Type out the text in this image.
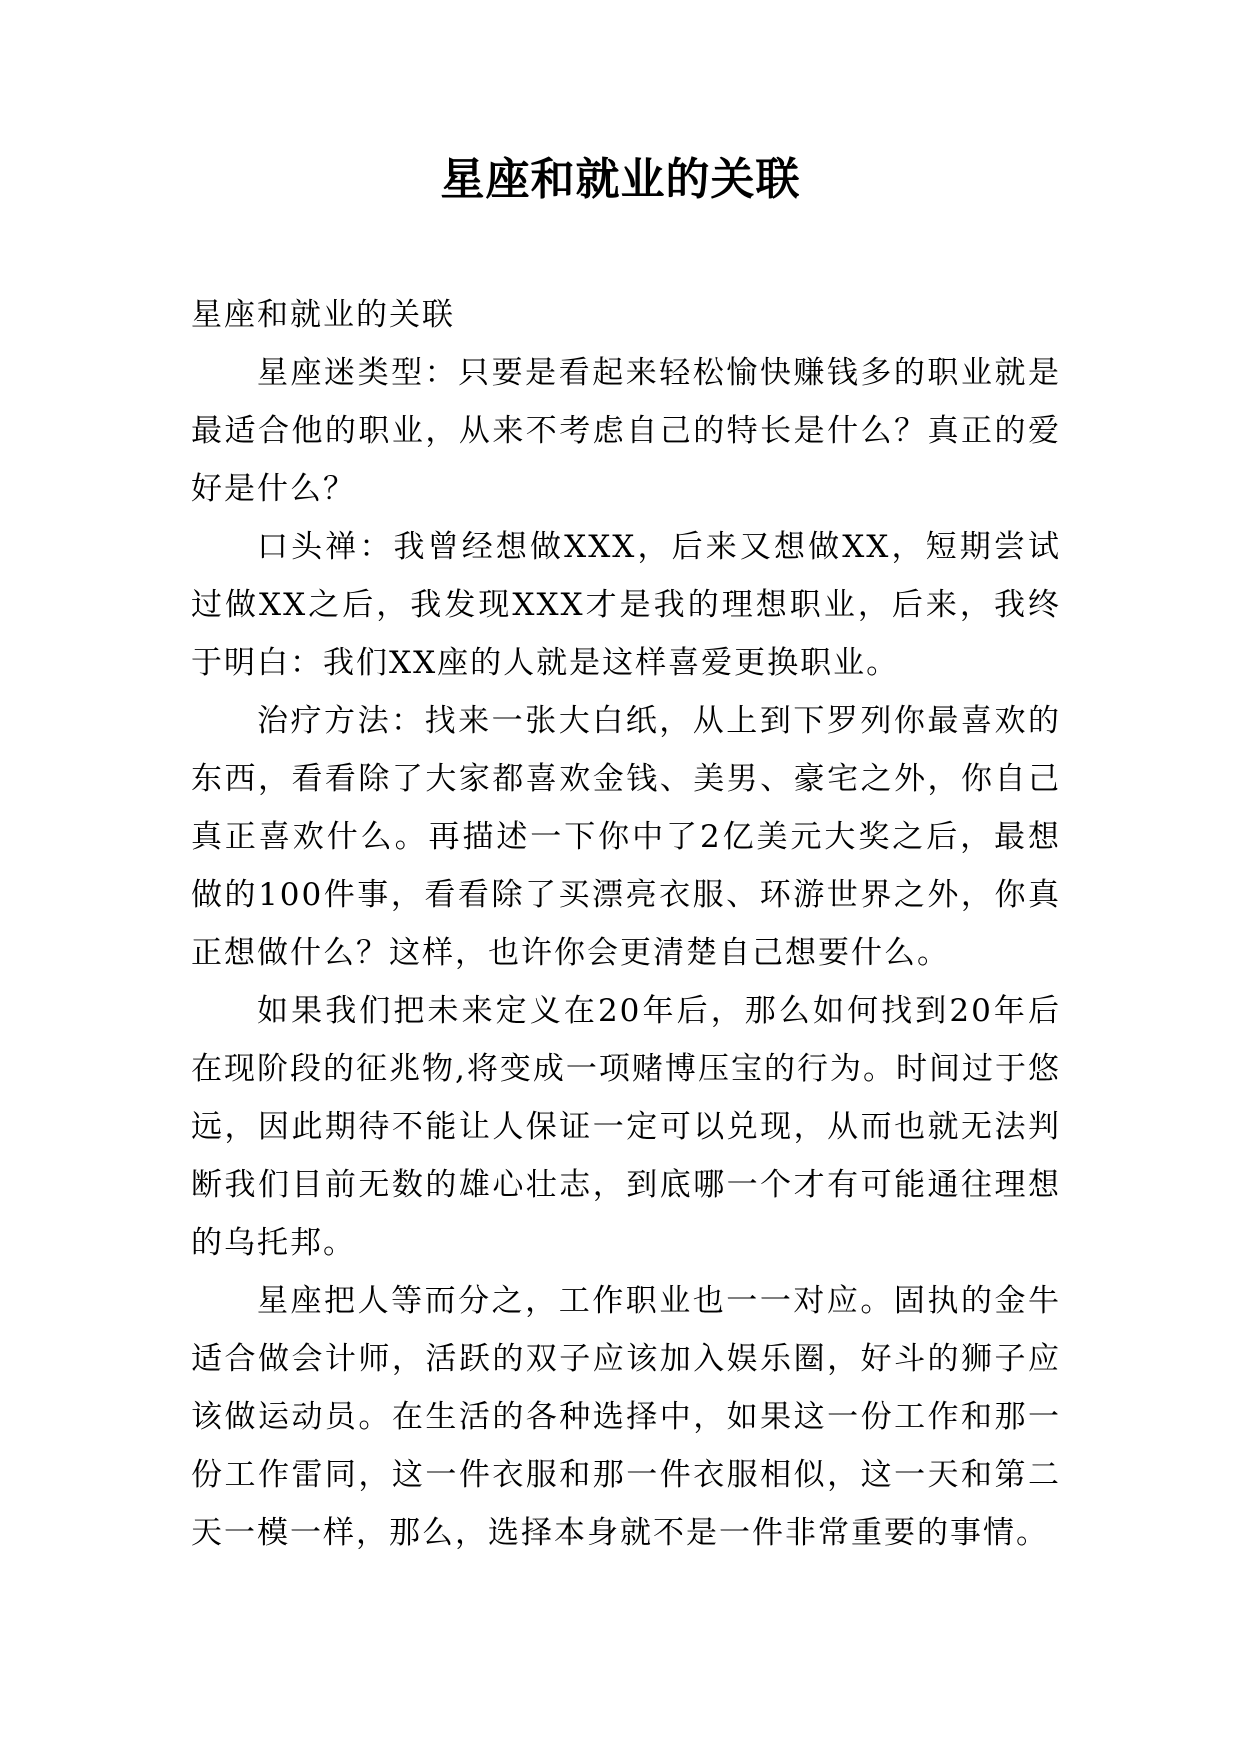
星座和就业的关联

星座和就业的关联

星座迷类型：只要是看起来轻松愉快赚钱多的职业就是最适合他的职业，从来不考虑自己的特长是什么？真正的爱好是什么？

口头禅：我曾经想做XXX，后来又想做XX，短期尝试过做XX之后，我发现XXX才是我的理想职业，后来，我终于明白：我们XX座的人就是这样喜爱更换职业。

治疗方法：找来一张大白纸，从上到下罗列你最喜欢的东西，看看除了大家都喜欢金钱、美男、豪宅之外，你自己真正喜欢什么。再描述一下你中了2亿美元大奖之后，最想做的100件事，看看除了买漂亮衣服、环游世界之外，你真正想做什么？这样，也许你会更清楚自己想要什么。

如果我们把未来定义在20年后，那么如何找到20年后在现阶段的征兆物,将变成一项赌博压宝的行为。时间过于悠远，因此期待不能让人保证一定可以兑现，从而也就无法判断我们目前无数的雄心壮志，到底哪一个才有可能通往理想的乌托邦。

星座把人等而分之，工作职业也一一对应。固执的金牛适合做会计师，活跃的双子应该加入娱乐圈，好斗的狮子应该做运动员。在生活的各种选择中，如果这一份工作和那一份工作雷同，这一件衣服和那一件衣服相似，这一天和第二天一模一样，那么，选择本身就不是一件非常重要的事情。
